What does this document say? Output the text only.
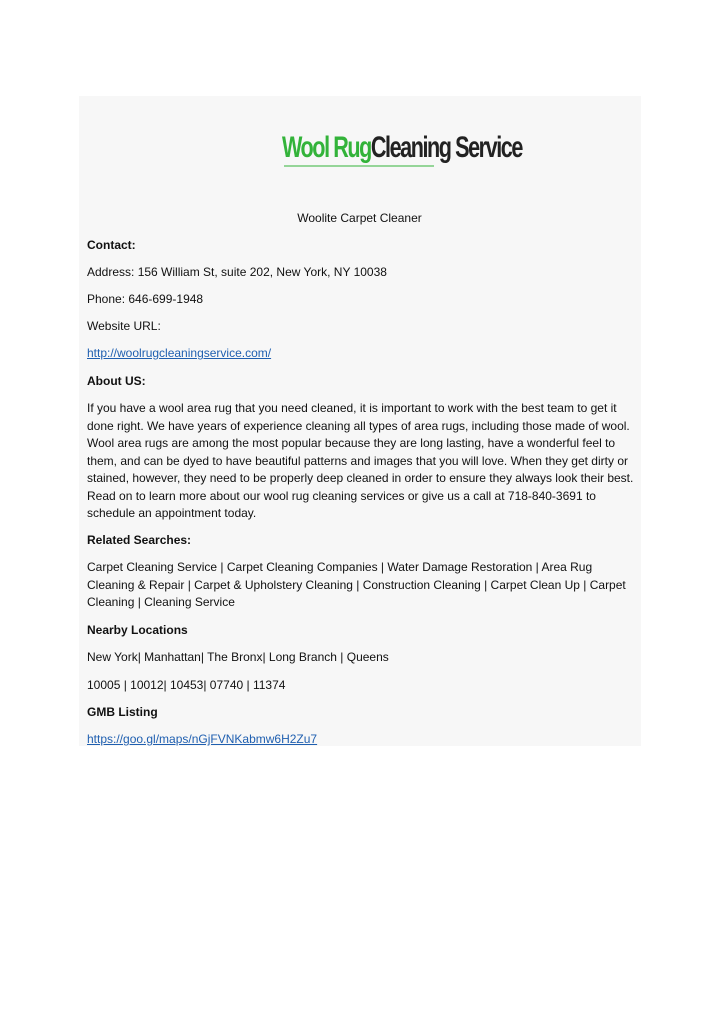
Wool RugCleaning Service
Woolite Carpet Cleaner
Contact:
Address: 156 William St, suite 202, New York, NY 10038
Phone: 646-699-1948
Website URL:
http://woolrugcleaningservice.com/
About US:
If you have a wool area rug that you need cleaned, it is important to work with the best team to get it done right. We have years of experience cleaning all types of area rugs, including those made of wool. Wool area rugs are among the most popular because they are long lasting, have a wonderful feel to them, and can be dyed to have beautiful patterns and images that you will love. When they get dirty or stained, however, they need to be properly deep cleaned in order to ensure they always look their best. Read on to learn more about our wool rug cleaning services or give us a call at 718-840-3691 to schedule an appointment today.
Related Searches:
Carpet Cleaning Service | Carpet Cleaning Companies | Water Damage Restoration | Area Rug Cleaning & Repair | Carpet & Upholstery Cleaning | Construction Cleaning | Carpet Clean Up | Carpet Cleaning | Cleaning Service
Nearby Locations
New York| Manhattan| The Bronx| Long Branch | Queens
10005 | 10012| 10453| 07740 | 11374
GMB Listing
https://goo.gl/maps/nGjFVNKabmw6H2Zu7
